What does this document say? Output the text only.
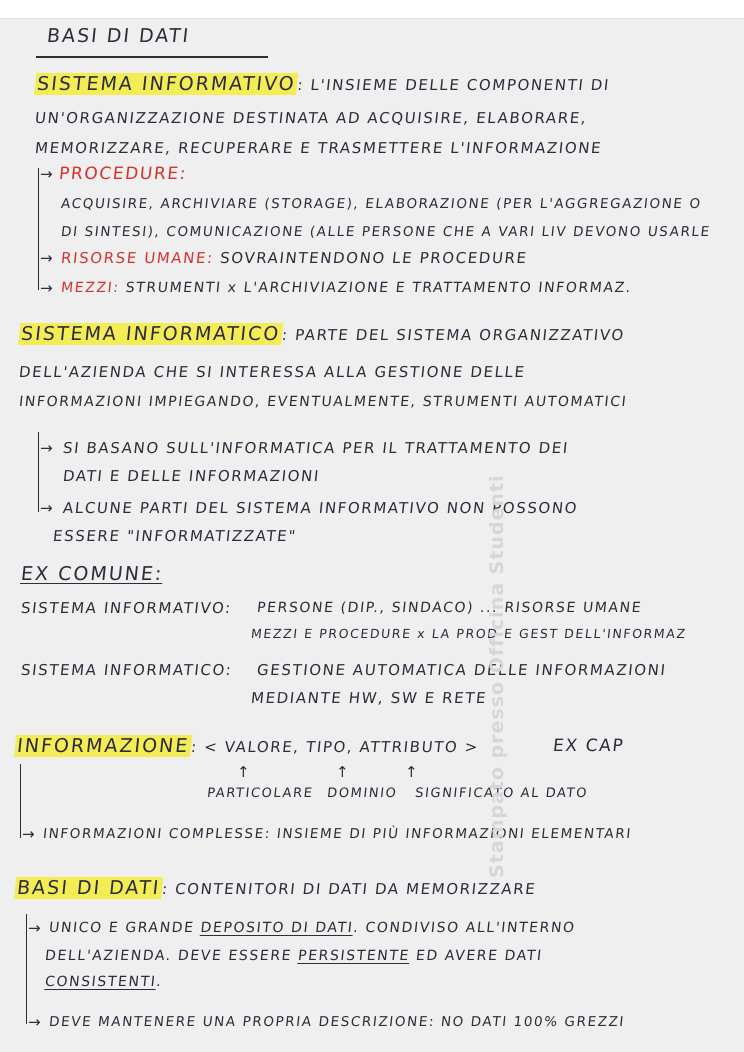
BASI DI DATI
SISTEMA INFORMATIVO: L'INSIEME DELLE COMPONENTI DI
UN'ORGANIZZAZIONE DESTINATA AD ACQUISIRE, ELABORARE,
MEMORIZZARE, RECUPERARE E TRASMETTERE L'INFORMAZIONE
→ PROCEDURE:
ACQUISIRE, ARCHIVIARE (STORAGE), ELABORAZIONE (PER L'AGGREGAZIONE O
DI SINTESI), COMUNICAZIONE (ALLE PERSONE CHE A VARI LIV DEVONO USARLE
→ RISORSE UMANE: SOVRAINTENDONO LE PROCEDURE
→ MEZZI: STRUMENTI x L'ARCHIVIAZIONE E TRATTAMENTO INFORMAZ.
SISTEMA INFORMATICO: PARTE DEL SISTEMA ORGANIZZATIVO
DELL'AZIENDA CHE SI INTERESSA ALLA GESTIONE DELLE
INFORMAZIONI IMPIEGANDO, EVENTUALMENTE, STRUMENTI AUTOMATICI
→ SI BASANO SULL'INFORMATICA PER IL TRATTAMENTO DEI
DATI E DELLE INFORMAZIONI
→ ALCUNE PARTI DEL SISTEMA INFORMATIVO NON POSSONO
ESSERE "INFORMATIZZATE"
EX COMUNE:
SISTEMA INFORMATIVO: PERSONE (DIP., SINDACO) ... RISORSE UMANE
MEZZI E PROCEDURE x LA PROD E GEST DELL'INFORMAZ
SISTEMA INFORMATICO: GESTIONE AUTOMATICA DELLE INFORMAZIONI
MEDIANTE HW, SW E RETE
INFORMAZIONE: < VALORE, TIPO, ATTRIBUTO >	EX CAP
↑	↑	↑
PARTICOLARE DOMINIO SIGNIFICATO AL DATO
→ INFORMAZIONI COMPLESSE: INSIEME DI PIÙ INFORMAZIONI ELEMENTARI
BASI DI DATI: CONTENITORI DI DATI DA MEMORIZZARE
→ UNICO E GRANDE DEPOSITO DI DATI. CONDIVISO ALL'INTERNO
DELL'AZIENDA. DEVE ESSERE PERSISTENTE ED AVERE DATI
CONSISTENTI.
→ DEVE MANTENERE UNA PROPRIA DESCRIZIONE: NO DATI 100% GREZZI
Stampato presso Officina Studenti
